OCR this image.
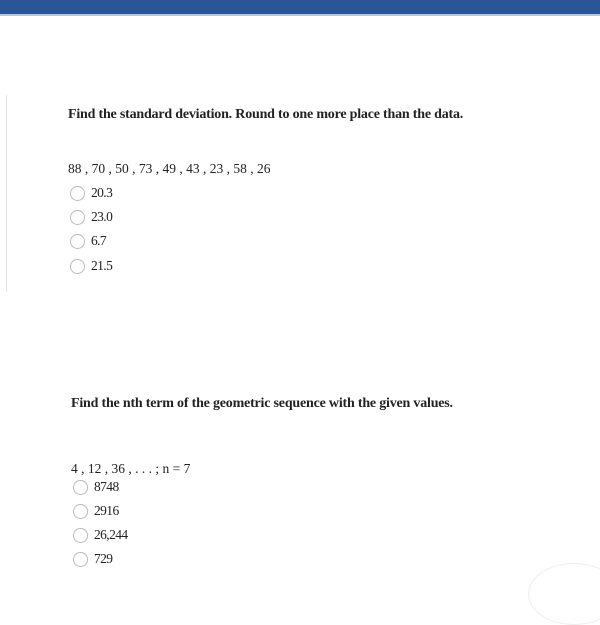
Find the standard deviation. Round to one more place than the data.
88 , 70 , 50 , 73 , 49 , 43 , 23 , 58 , 26
20.3
23.0
6.7
21.5
Find the nth term of the geometric sequence with the given values.
4 , 12 , 36 , . . . ; n = 7
8748
2916
26,244
729
